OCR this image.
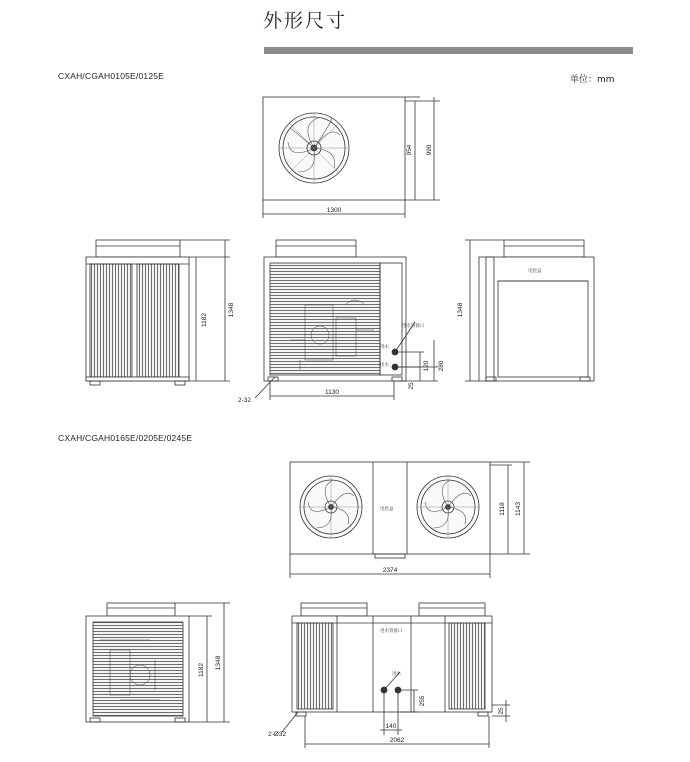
外形尺寸
单位：mm
CXAH/CGAH0105E/0125E
CXAH/CGAH0165E/0205E/0245E
954 990
1300
1182
1348
1130
120 280
25
2-32
进水管接口
进水
出水
1348
电控盒
1118 1143
2374
电控盒
1182 1348
2062
140
255
25
2-Ø32
进水管接口
进水
